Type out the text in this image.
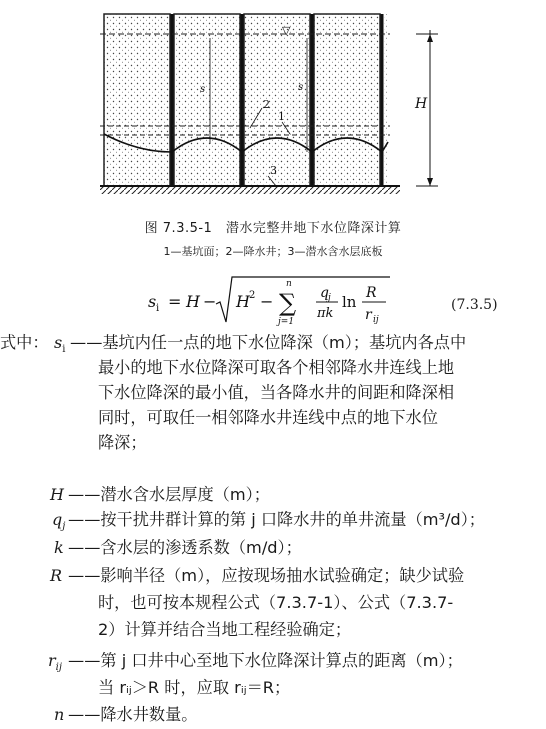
▽
s	s
H
2
1
3
图 7.3.5-1　潜水完整井地下水位降深计算
1—基坑面；2—降水井；3—潜水含水层底板
s i = H − H 2 −
n
∑
j=1
q j
πk
ln R
r ij
(7.3.5)
式中： $s_i$ ——基坑内任一点的地下水位降深（m）；基坑内各点中
最小的地下水位降深可取各个相邻降水井连线上地
下水位降深的最小值，当各降水井的间距和降深相
同时，可取任一相邻降水井连线中点的地下水位
降深；
H ——潜水含水层厚度（m）；
$q_j$ ——按干扰井群计算的第 j 口降水井的单井流量（m³/d）；
k ——含水层的渗透系数（m/d）；
R ——影响半径（m），应按现场抽水试验确定；缺少试验
时，也可按本规程公式（7.3.7-1）、公式（7.3.7-
2）计算并结合当地工程经验确定；
$r_{ij}$ ——第 j 口井中心至地下水位降深计算点的距离（m）；
当 rᵢⱼ＞R 时，应取 rᵢⱼ＝R；
n ——降水井数量。
